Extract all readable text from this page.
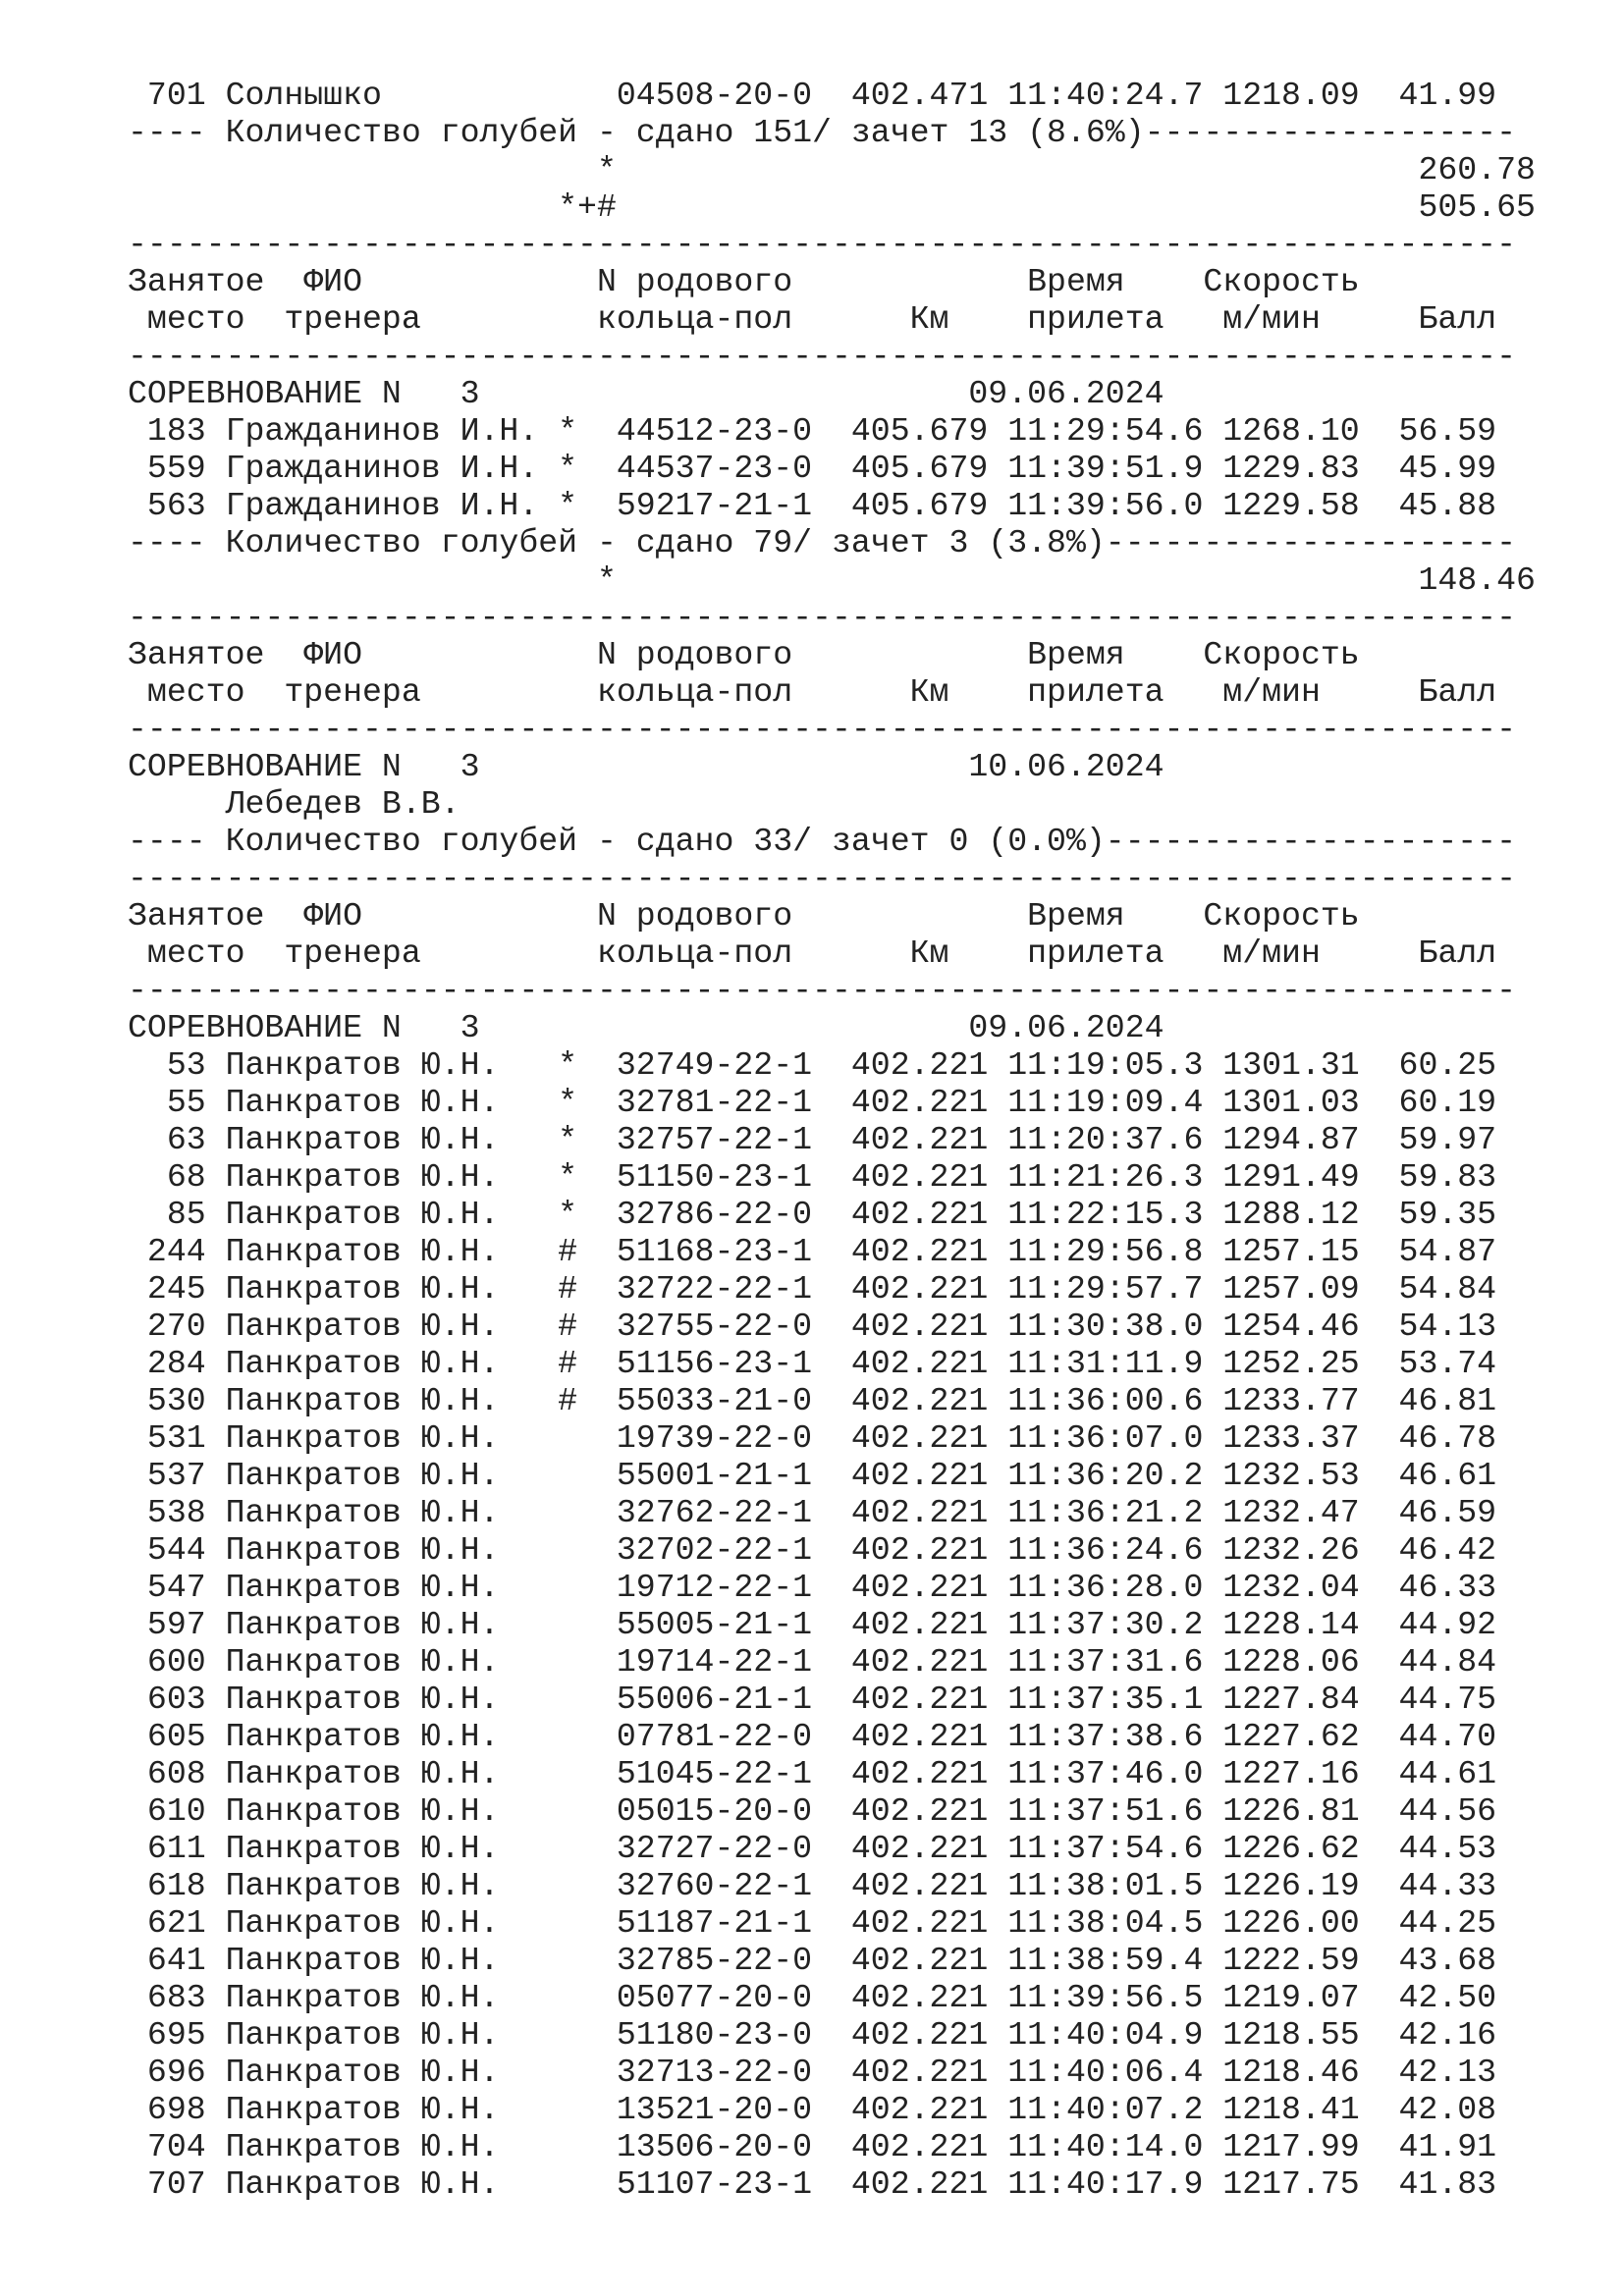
701 Солнышко            04508-20-0  402.471 11:40:24.7 1218.09  41.99
---- Количество голубей - сдано 151/ зачет 13 (8.6%)-------------------
*                                         260.78
*+#                                         505.65
-----------------------------------------------------------------------
Занятое  ФИО            N родового            Время    Скорость
место  тренера         кольца-пол      Км    прилета   м/мин     Балл
-----------------------------------------------------------------------
СОРЕВНОВАНИЕ N   3                         09.06.2024
183 Гражданинов И.Н. *  44512-23-0  405.679 11:29:54.6 1268.10  56.59
559 Гражданинов И.Н. *  44537-23-0  405.679 11:39:51.9 1229.83  45.99
563 Гражданинов И.Н. *  59217-21-1  405.679 11:39:56.0 1229.58  45.88
---- Количество голубей - сдано 79/ зачет 3 (3.8%)---------------------
*                                         148.46
-----------------------------------------------------------------------
Занятое  ФИО            N родового            Время    Скорость
место  тренера         кольца-пол      Км    прилета   м/мин     Балл
-----------------------------------------------------------------------
СОРЕВНОВАНИЕ N   3                         10.06.2024
Лебедев В.В.
---- Количество голубей - сдано 33/ зачет 0 (0.0%)---------------------
-----------------------------------------------------------------------
Занятое  ФИО            N родового            Время    Скорость
место  тренера         кольца-пол      Км    прилета   м/мин     Балл
-----------------------------------------------------------------------
СОРЕВНОВАНИЕ N   3                         09.06.2024
53 Панкратов Ю.Н.   *  32749-22-1  402.221 11:19:05.3 1301.31  60.25
55 Панкратов Ю.Н.   *  32781-22-1  402.221 11:19:09.4 1301.03  60.19
63 Панкратов Ю.Н.   *  32757-22-1  402.221 11:20:37.6 1294.87  59.97
68 Панкратов Ю.Н.   *  51150-23-1  402.221 11:21:26.3 1291.49  59.83
85 Панкратов Ю.Н.   *  32786-22-0  402.221 11:22:15.3 1288.12  59.35
244 Панкратов Ю.Н.   #  51168-23-1  402.221 11:29:56.8 1257.15  54.87
245 Панкратов Ю.Н.   #  32722-22-1  402.221 11:29:57.7 1257.09  54.84
270 Панкратов Ю.Н.   #  32755-22-0  402.221 11:30:38.0 1254.46  54.13
284 Панкратов Ю.Н.   #  51156-23-1  402.221 11:31:11.9 1252.25  53.74
530 Панкратов Ю.Н.   #  55033-21-0  402.221 11:36:00.6 1233.77  46.81
531 Панкратов Ю.Н.      19739-22-0  402.221 11:36:07.0 1233.37  46.78
537 Панкратов Ю.Н.      55001-21-1  402.221 11:36:20.2 1232.53  46.61
538 Панкратов Ю.Н.      32762-22-1  402.221 11:36:21.2 1232.47  46.59
544 Панкратов Ю.Н.      32702-22-1  402.221 11:36:24.6 1232.26  46.42
547 Панкратов Ю.Н.      19712-22-1  402.221 11:36:28.0 1232.04  46.33
597 Панкратов Ю.Н.      55005-21-1  402.221 11:37:30.2 1228.14  44.92
600 Панкратов Ю.Н.      19714-22-1  402.221 11:37:31.6 1228.06  44.84
603 Панкратов Ю.Н.      55006-21-1  402.221 11:37:35.1 1227.84  44.75
605 Панкратов Ю.Н.      07781-22-0  402.221 11:37:38.6 1227.62  44.70
608 Панкратов Ю.Н.      51045-22-1  402.221 11:37:46.0 1227.16  44.61
610 Панкратов Ю.Н.      05015-20-0  402.221 11:37:51.6 1226.81  44.56
611 Панкратов Ю.Н.      32727-22-0  402.221 11:37:54.6 1226.62  44.53
618 Панкратов Ю.Н.      32760-22-1  402.221 11:38:01.5 1226.19  44.33
621 Панкратов Ю.Н.      51187-21-1  402.221 11:38:04.5 1226.00  44.25
641 Панкратов Ю.Н.      32785-22-0  402.221 11:38:59.4 1222.59  43.68
683 Панкратов Ю.Н.      05077-20-0  402.221 11:39:56.5 1219.07  42.50
695 Панкратов Ю.Н.      51180-23-0  402.221 11:40:04.9 1218.55  42.16
696 Панкратов Ю.Н.      32713-22-0  402.221 11:40:06.4 1218.46  42.13
698 Панкратов Ю.Н.      13521-20-0  402.221 11:40:07.2 1218.41  42.08
704 Панкратов Ю.Н.      13506-20-0  402.221 11:40:14.0 1217.99  41.91
707 Панкратов Ю.Н.      51107-23-1  402.221 11:40:17.9 1217.75  41.83
